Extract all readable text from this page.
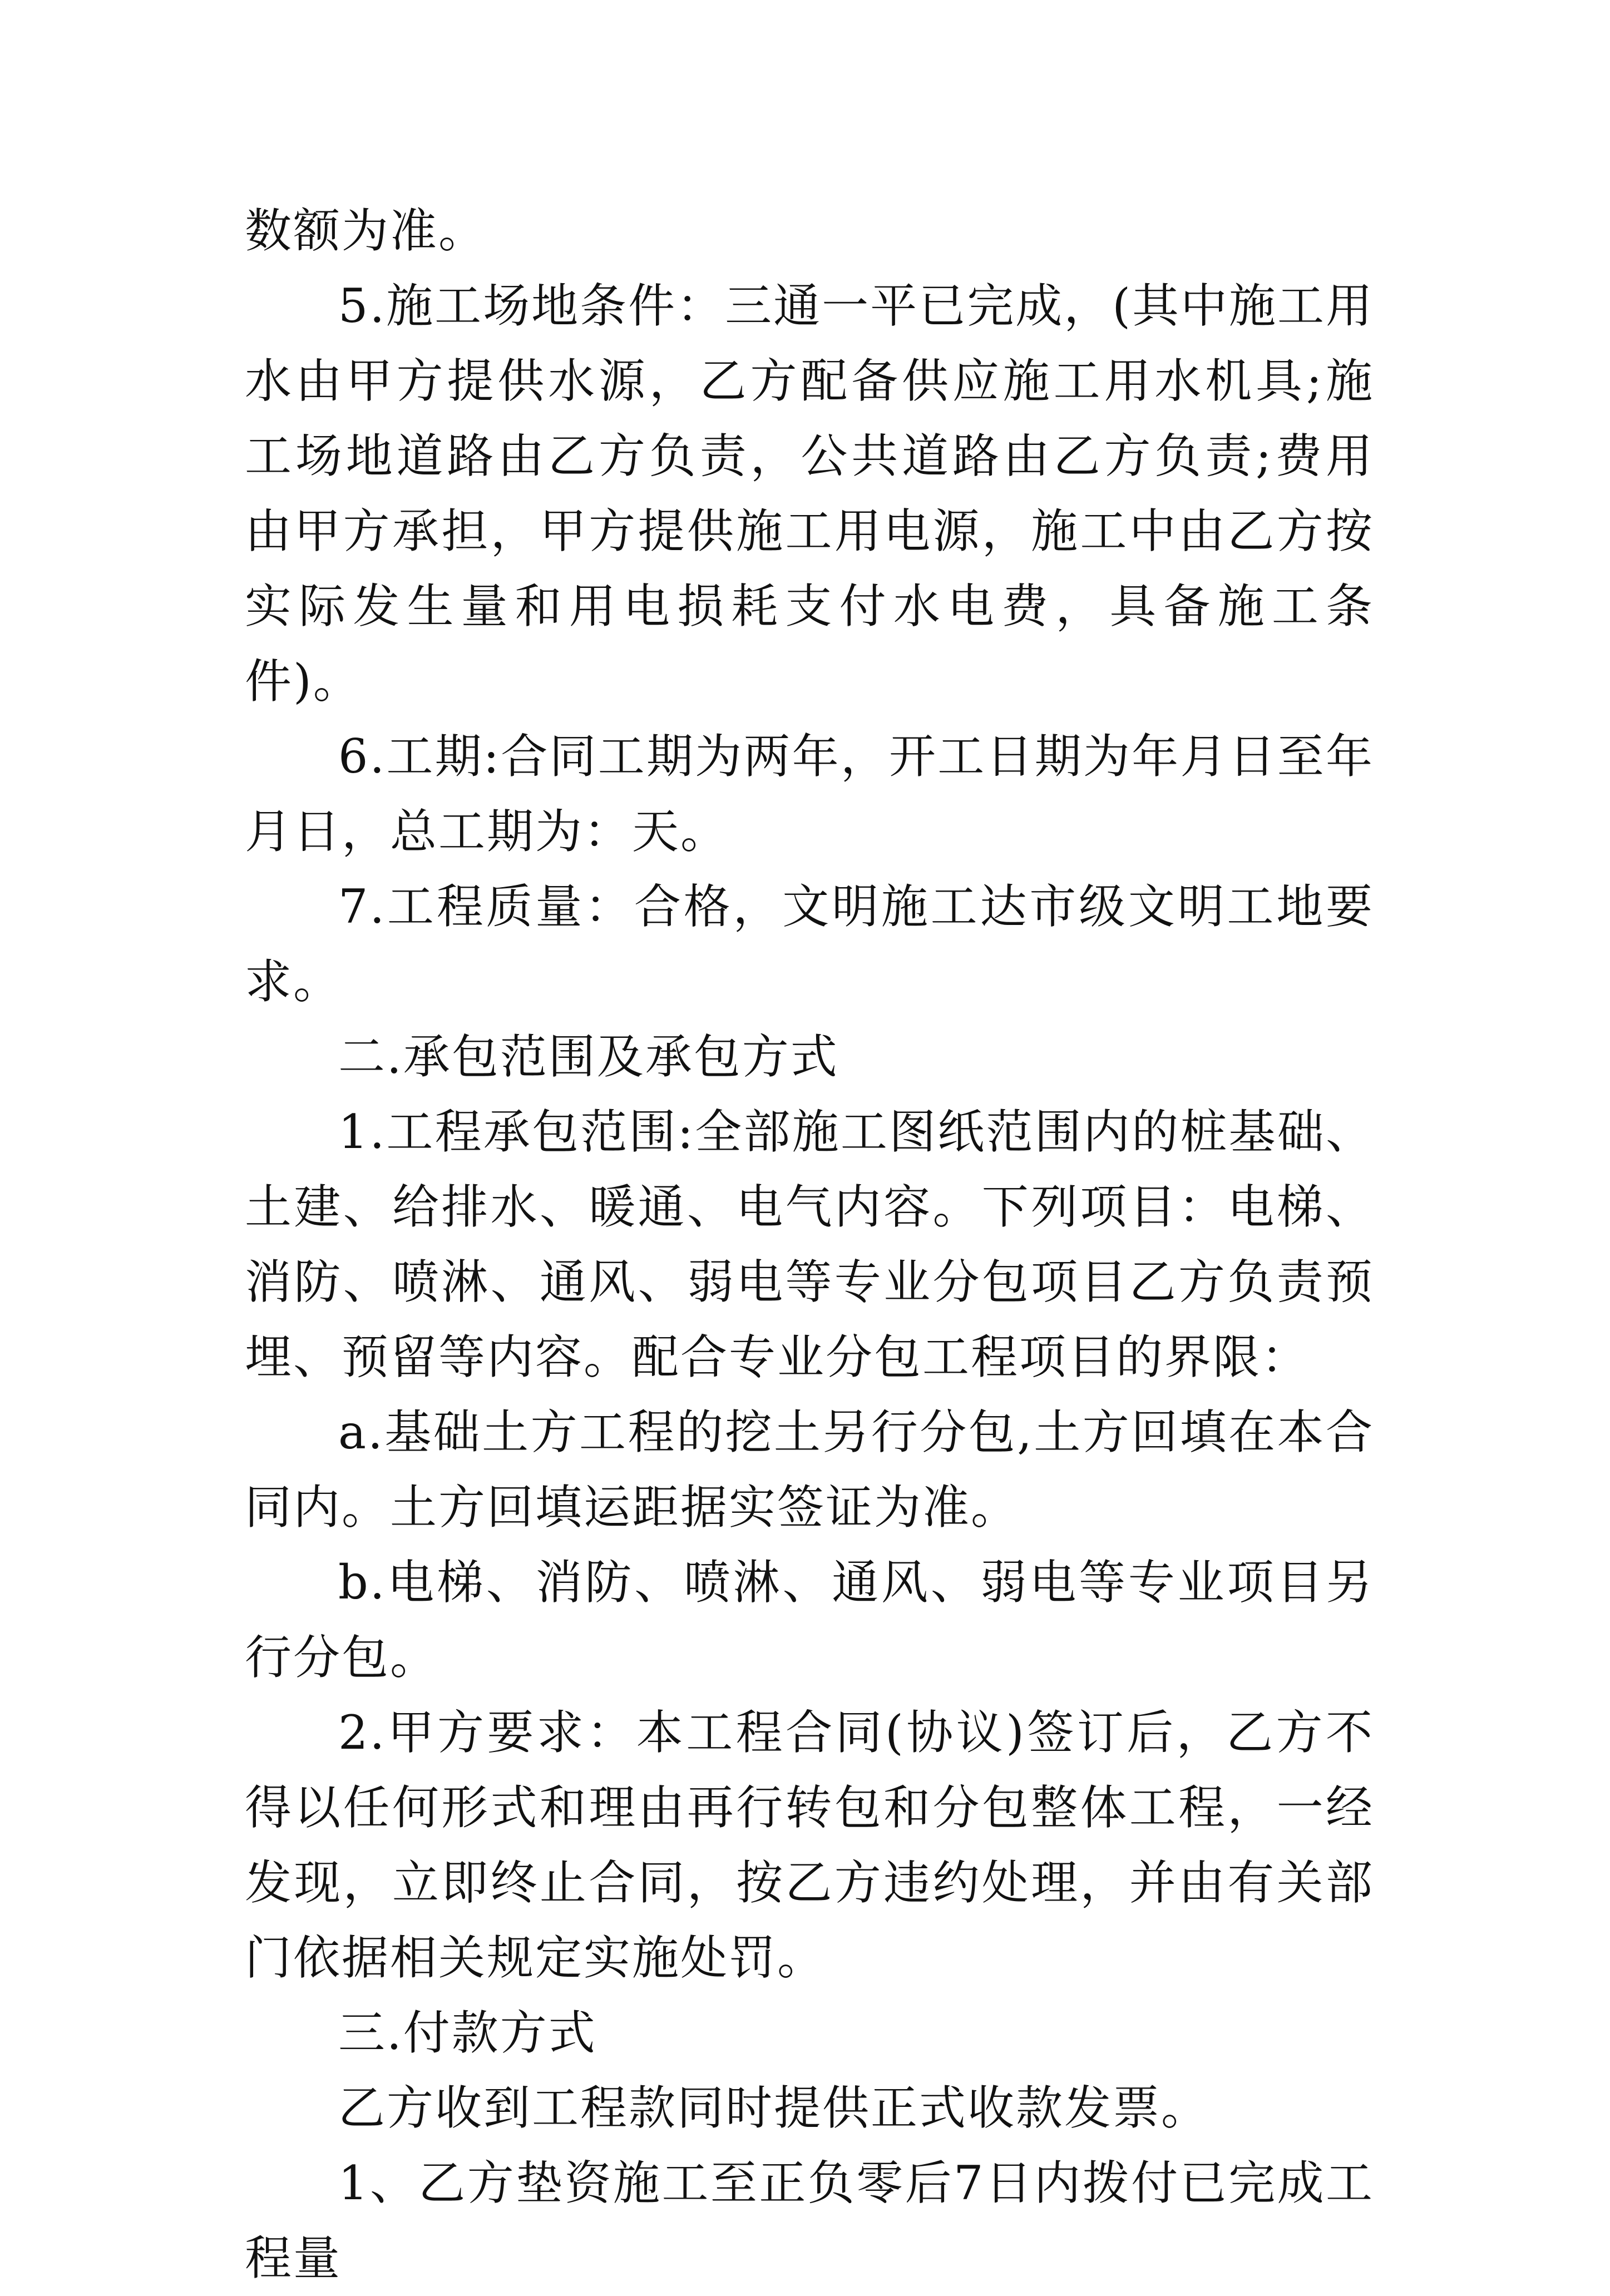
数额为准。

5.施工场地条件：三通一平已完成，(其中施工用水由甲方提供水源，乙方配备供应施工用水机具;施工场地道路由乙方负责，公共道路由乙方负责;费用由甲方承担，甲方提供施工用电源，施工中由乙方按实际发生量和用电损耗支付水电费，具备施工条件)。

6.工期:合同工期为两年，开工日期为年月日至年月日，总工期为：天。

7.工程质量：合格，文明施工达市级文明工地要求。

二.承包范围及承包方式

1.工程承包范围:全部施工图纸范围内的桩基础、土建、给排水、暖通、电气内容。下列项目：电梯、消防、喷淋、通风、弱电等专业分包项目乙方负责预埋、预留等内容。配合专业分包工程项目的界限：

a.基础土方工程的挖土另行分包,土方回填在本合同内。土方回填运距据实签证为准。

b.电梯、消防、喷淋、通风、弱电等专业项目另行分包。

2.甲方要求：本工程合同(协议)签订后，乙方不得以任何形式和理由再行转包和分包整体工程，一经发现，立即终止合同，按乙方违约处理，并由有关部门依据相关规定实施处罚。

三.付款方式

乙方收到工程款同时提供正式收款发票。

1、乙方垫资施工至正负零后7日内拨付已完成工程量
